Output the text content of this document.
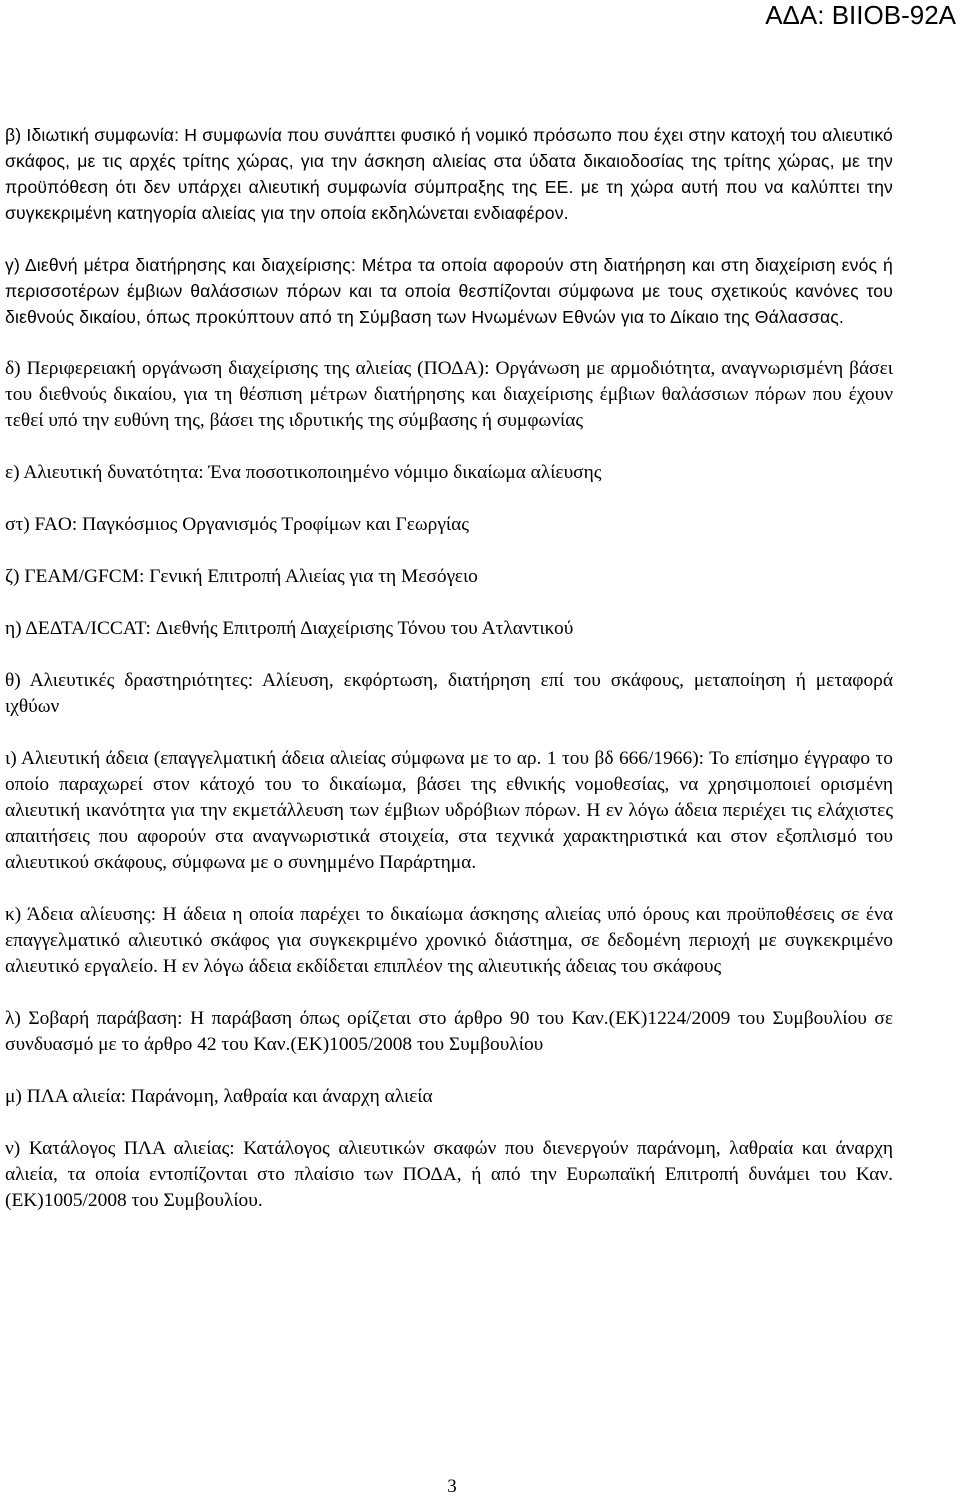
ΑΔΑ: ΒΙΙΟΒ-92Α

β) Ιδιωτική συμφωνία: Η συμφωνία που συνάπτει φυσικό ή νομικό πρόσωπο που έχει στην κατοχή του αλιευτικό σκάφος, με τις αρχές τρίτης χώρας, για την άσκηση αλιείας στα ύδατα δικαιοδοσίας της τρίτης χώρας, με την προϋπόθεση ότι δεν υπάρχει αλιευτική συμφωνία σύμπραξης της ΕΕ. με τη χώρα αυτή που να καλύπτει την συγκεκριμένη κατηγορία αλιείας για την οποία εκδηλώνεται ενδιαφέρον.

γ) Διεθνή μέτρα διατήρησης και διαχείρισης: Μέτρα τα οποία αφορούν στη διατήρηση και στη διαχείριση ενός ή περισσοτέρων έμβιων θαλάσσιων πόρων και τα οποία θεσπίζονται σύμφωνα με τους σχετικούς κανόνες του διεθνούς δικαίου, όπως προκύπτουν από τη Σύμβαση των Ηνωμένων Εθνών για το Δίκαιο της Θάλασσας.

δ) Περιφερειακή οργάνωση διαχείρισης της αλιείας (ΠΟΔΑ): Οργάνωση με αρμοδιότητα, αναγνωρισμένη βάσει του διεθνούς δικαίου, για τη θέσπιση μέτρων διατήρησης και διαχείρισης έμβιων θαλάσσιων πόρων που έχουν τεθεί υπό την ευθύνη της, βάσει της ιδρυτικής της σύμβασης ή συμφωνίας

ε) Αλιευτική δυνατότητα: Ένα ποσοτικοποιημένο νόμιμο δικαίωμα αλίευσης

στ) FAO: Παγκόσμιος Οργανισμός Τροφίμων και Γεωργίας

ζ) ΓΕΑΜ/GFCM: Γενική Επιτροπή Αλιείας για τη Μεσόγειο

η) ΔΕΔΤΑ/ICCAT: Διεθνής Επιτροπή Διαχείρισης Τόνου του Ατλαντικού

θ) Αλιευτικές δραστηριότητες: Αλίευση, εκφόρτωση, διατήρηση επί του σκάφους, μεταποίηση ή μεταφορά ιχθύων

ι) Αλιευτική άδεια (επαγγελματική άδεια αλιείας σύμφωνα με το αρ. 1 του βδ 666/1966): Το επίσημο έγγραφο το οποίο παραχωρεί στον κάτοχό του το δικαίωμα, βάσει της εθνικής νομοθεσίας, να χρησιμοποιεί ορισμένη αλιευτική ικανότητα για την εκμετάλλευση των έμβιων υδρόβιων πόρων. Η εν λόγω άδεια περιέχει τις ελάχιστες απαιτήσεις που αφορούν στα αναγνωριστικά στοιχεία, στα τεχνικά χαρακτηριστικά και στον εξοπλισμό του αλιευτικού σκάφους, σύμφωνα με ο συνημμένο Παράρτημα.

κ) Άδεια αλίευσης: Η άδεια η οποία παρέχει το δικαίωμα άσκησης αλιείας υπό όρους και προϋποθέσεις σε ένα επαγγελματικό αλιευτικό σκάφος για συγκεκριμένο χρονικό διάστημα, σε δεδομένη περιοχή με συγκεκριμένο αλιευτικό εργαλείο. Η εν λόγω άδεια εκδίδεται επιπλέον της αλιευτικής άδειας του σκάφους

λ) Σοβαρή παράβαση: Η παράβαση όπως ορίζεται στο άρθρο 90 του Καν.(ΕΚ)1224/2009 του Συμβουλίου σε συνδυασμό με το άρθρο 42 του Καν.(ΕΚ)1005/2008 του Συμβουλίου

μ) ΠΛΑ αλιεία: Παράνομη, λαθραία και άναρχη αλιεία

ν) Κατάλογος ΠΛΑ αλιείας: Κατάλογος αλιευτικών σκαφών που διενεργούν παράνομη, λαθραία και άναρχη αλιεία, τα οποία εντοπίζονται στο πλαίσιο των ΠΟΔΑ, ή από την Ευρωπαϊκή Επιτροπή δυνάμει του Καν.(ΕΚ)1005/2008 του Συμβουλίου.

3
